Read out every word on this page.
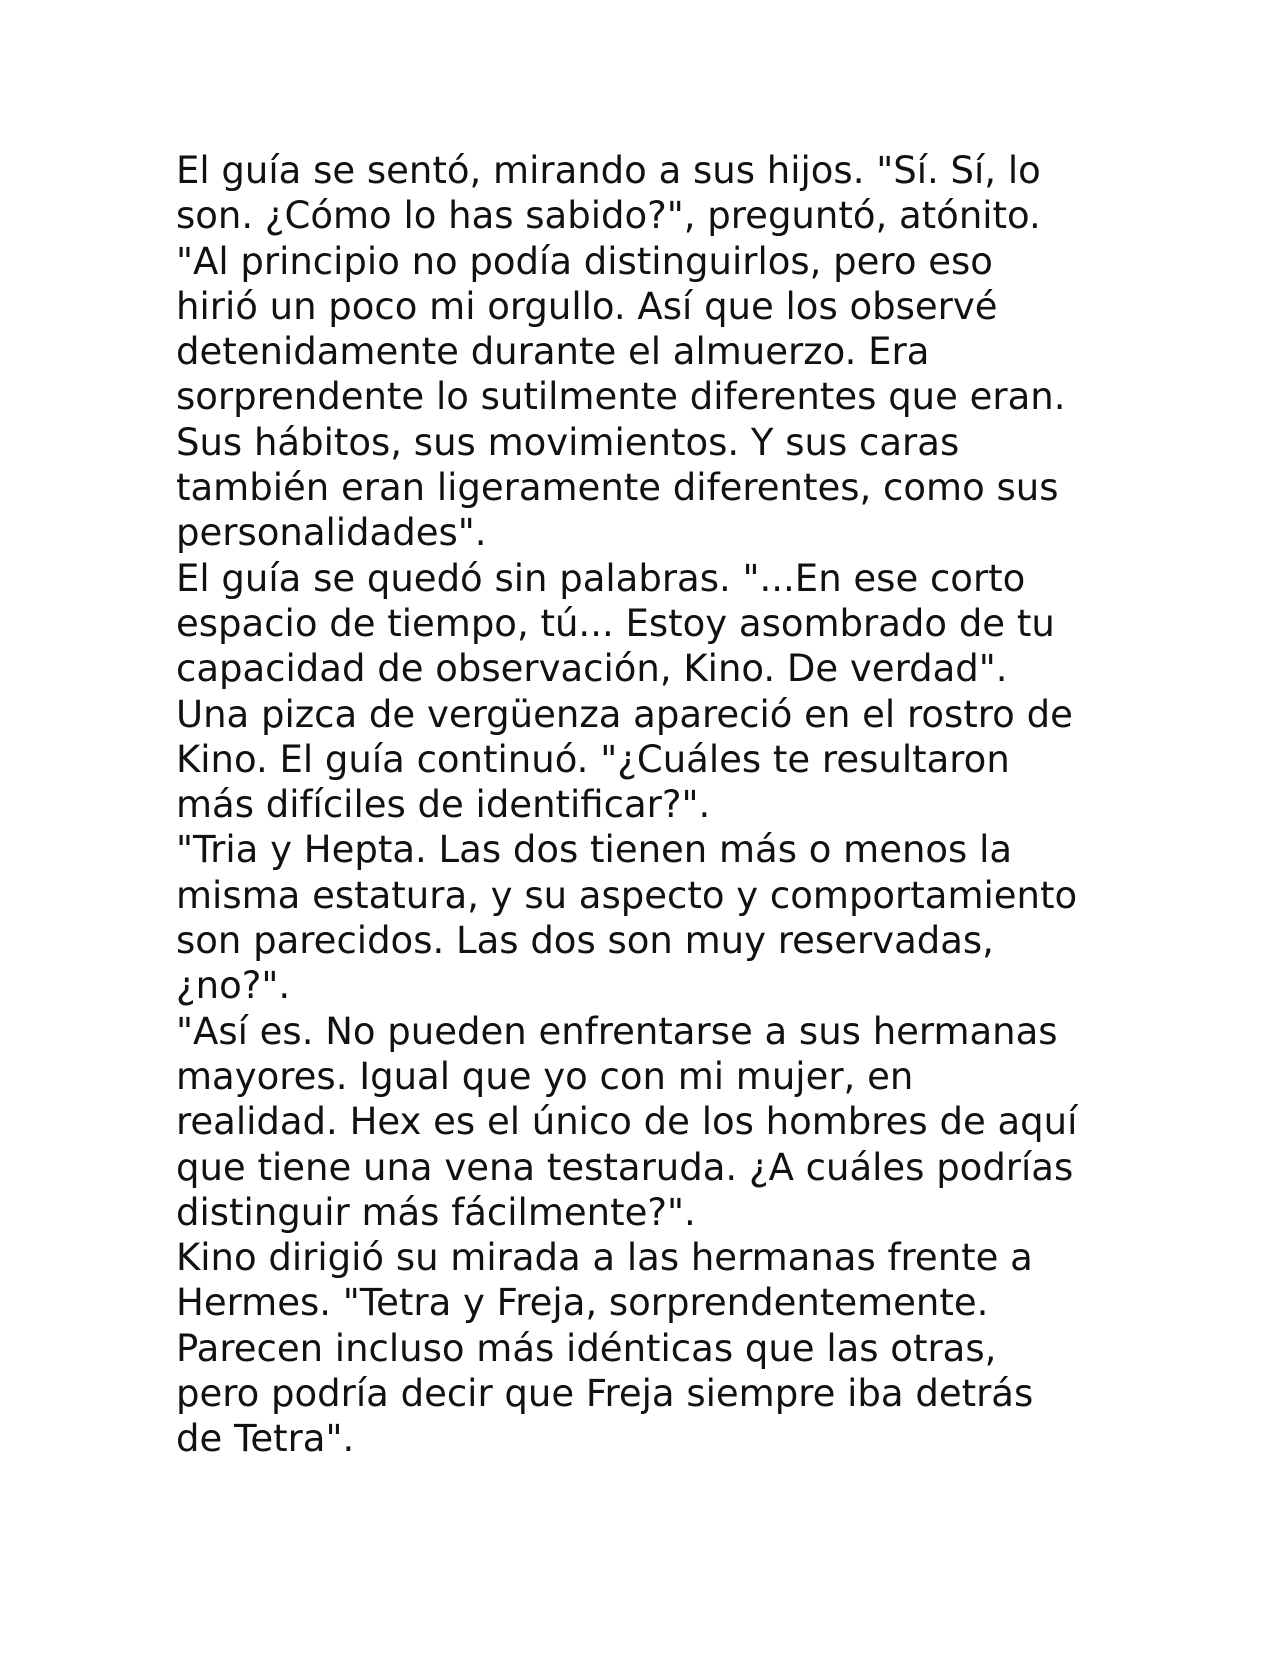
El guía se sentó, mirando a sus hijos. "Sí. Sí, lo
son. ¿Cómo lo has sabido?", preguntó, atónito.
"Al principio no podía distinguirlos, pero eso
hirió un poco mi orgullo. Así que los observé
detenidamente durante el almuerzo. Era
sorprendente lo sutilmente diferentes que eran.
Sus hábitos, sus movimientos. Y sus caras
también eran ligeramente diferentes, como sus
personalidades".
El guía se quedó sin palabras. "...En ese corto
espacio de tiempo, tú... Estoy asombrado de tu
capacidad de observación, Kino. De verdad".
Una pizca de vergüenza apareció en el rostro de
Kino. El guía continuó. "¿Cuáles te resultaron
más difíciles de identificar?".
"Tria y Hepta. Las dos tienen más o menos la
misma estatura, y su aspecto y comportamiento
son parecidos. Las dos son muy reservadas,
¿no?".
"Así es. No pueden enfrentarse a sus hermanas
mayores. Igual que yo con mi mujer, en
realidad. Hex es el único de los hombres de aquí
que tiene una vena testaruda. ¿A cuáles podrías
distinguir más fácilmente?".
Kino dirigió su mirada a las hermanas frente a
Hermes. "Tetra y Freja, sorprendentemente.
Parecen incluso más idénticas que las otras,
pero podría decir que Freja siempre iba detrás
de Tetra".
